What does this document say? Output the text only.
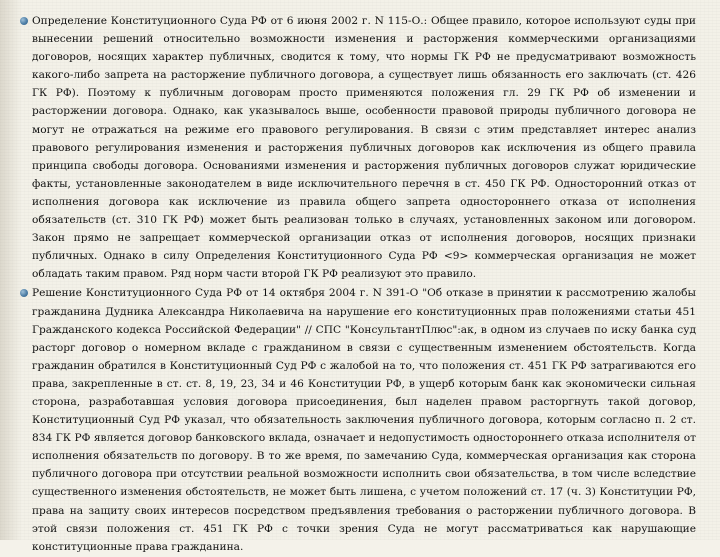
Определение Конституционного Суда РФ от 6 июня 2002 г. N 115-О.: Общее правило, которое используют суды при вынесении решений относительно возможности изменения и расторжения коммерческими организациями договоров, носящих характер публичных, сводится к тому, что нормы ГК РФ не предусматривают возможность какого-либо запрета на расторжение публичного договора, а существует лишь обязанность его заключать (ст. 426 ГК РФ). Поэтому к публичным договорам просто применяются положения гл. 29 ГК РФ об изменении и расторжении договора. Однако, как указывалось выше, особенности правовой природы публичного договора не могут не отражаться на режиме его правового регулирования. В связи с этим представляет интерес анализ правового регулирования изменения и расторжения публичных договоров как исключения из общего правила принципа свободы договора. Основаниями изменения и расторжения публичных договоров служат юридические факты, установленные законодателем в виде исключительного перечня в ст. 450 ГК РФ. Односторонний отказ от исполнения договора как исключение из правила общего запрета одностороннего отказа от исполнения обязательств (ст. 310 ГК РФ) может быть реализован только в случаях, установленных законом или договором. Закон прямо не запрещает коммерческой организации отказ от исполнения договоров, носящих признаки публичных. Однако в силу Определения Конституционного Суда РФ <9> коммерческая организация не может обладать таким правом. Ряд норм части второй ГК РФ реализуют это правило.

Решение Конституционного Суда РФ от 14 октября 2004 г. N 391-О "Об отказе в принятии к рассмотрению жалобы гражданина Дудника Александра Николаевича на нарушение его конституционных прав положениями статьи 451 Гражданского кодекса Российской Федерации" // СПС "КонсультантПлюс":ак, в одном из случаев по иску банка суд расторг договор о номерном вкладе с гражданином в связи с существенным изменением обстоятельств. Когда гражданин обратился в Конституционный Суд РФ с жалобой на то, что положения ст. 451 ГК РФ затрагиваются его права, закрепленные в ст. ст. 8, 19, 23, 34 и 46 Конституции РФ, в ущерб которым банк как экономически сильная сторона, разработавшая условия договора присоединения, был наделен правом расторгнуть такой договор, Конституционный Суд РФ указал, что обязательность заключения публичного договора, которым согласно п. 2 ст. 834 ГК РФ является договор банковского вклада, означает и недопустимость одностороннего отказа исполнителя от исполнения обязательств по договору. В то же время, по замечанию Суда, коммерческая организация как сторона публичного договора при отсутствии реальной возможности исполнить свои обязательства, в том числе вследствие существенного изменения обстоятельств, не может быть лишена, с учетом положений ст. 17 (ч. 3) Конституции РФ, права на защиту своих интересов посредством предъявления требования о расторжении публичного договора. В этой связи положения ст. 451 ГК РФ с точки зрения Суда не могут рассматриваться как нарушающие конституционные права гражданина.
